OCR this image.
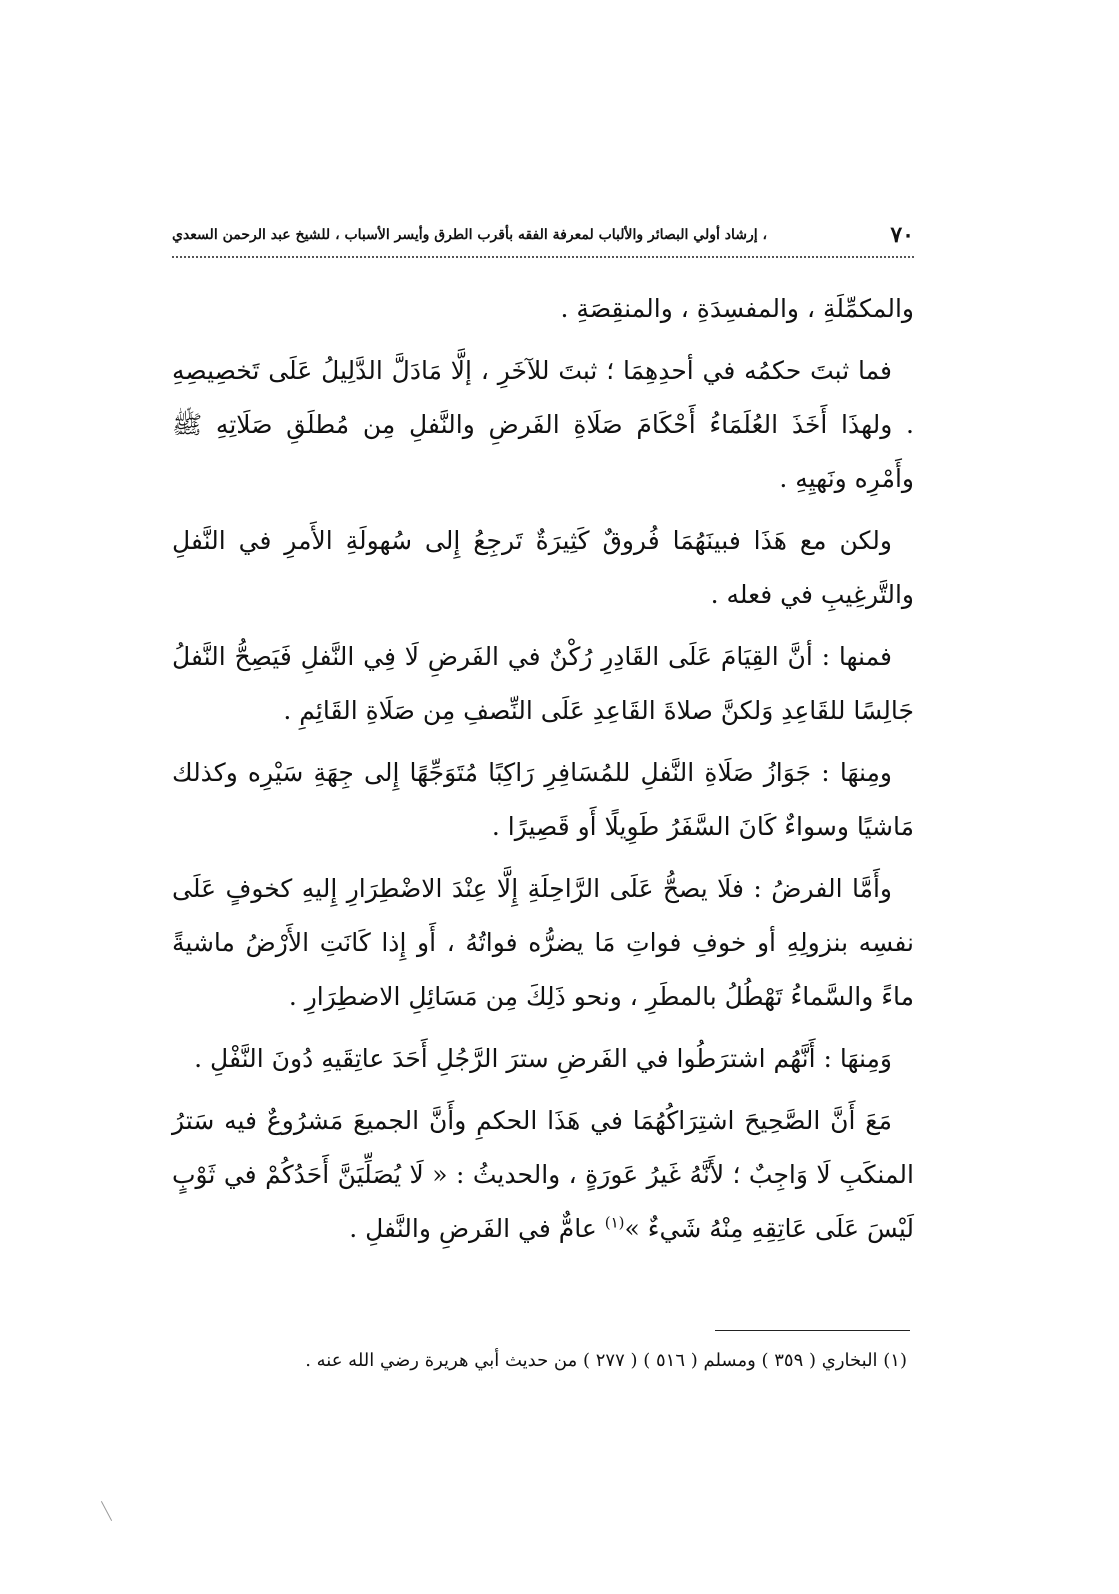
٧٠
، إرشاد أولي البصائر والألباب لمعرفة الفقه بأقرب الطرق وأيسر الأسباب ، للشيخ عبد الرحمن السعدي

والمكمِّلَةِ ، والمفسِدَةِ ، والمنقِصَةِ .

فما ثبتَ حكمُه في أحدِهِمَا ؛ ثبتَ للآخَرِ ، إلَّا مَادَلَّ الدَّلِيلُ عَلَى تَخصِيصِهِ . ولهذَا أَخَذَ العُلَمَاءُ أَحْكَامَ صَلَاةِ الفَرضِ والنَّفلِ مِن مُطلَقِ صَلَاتِهِ ﷺ وأَمْرِه ونَهيِهِ .

ولكن مع هَذَا فبينَهُمَا فُروقٌ كَثِيرَةٌ تَرجِعُ إِلى سُهولَةِ الأَمرِ في النَّفلِ والتَّرغِيبِ في فعله .

فمنها : أنَّ القِيَامَ عَلَى القَادِرِ رُكْنٌ في الفَرضِ لَا فِي النَّفلِ فَيَصِحُّ النَّفلُ جَالِسًا للقَاعِدِ وَلكنَّ صلاةَ القَاعِدِ عَلَى النِّصفِ مِن صَلَاةِ القَائِمِ .

ومِنهَا : جَوَازُ صَلَاةِ النَّفلِ للمُسَافِرِ رَاكِبًا مُتَوَجِّهًا إِلى جِهَةِ سَيْرِه وكذلك مَاشيًا وسواءٌ كَانَ السَّفَرُ طَوِيلًا أَو قَصِيرًا .

وأَمَّا الفرضُ : فلَا يصحُّ عَلَى الرَّاحِلَةِ إِلَّا عِنْدَ الاضْطِرَارِ إِليهِ كخوفٍ عَلَى نفسِه بنزولِهِ أو خوفِ فواتِ مَا يضرُّه فواتُهُ ، أَو إِذا كَانَتِ الأَرْضُ ماشيةً ماءً والسَّماءُ تَهْطُلُ بالمطَرِ ، ونحو ذَلِكَ مِن مَسَائِلِ الاضطِرَارِ .

وَمِنهَا : أَنَّهُم اشترَطُوا في الفَرضِ سترَ الرَّجُلِ أَحَدَ عاتِقَيهِ دُونَ النَّفْلِ .

مَعَ أَنَّ الصَّحِيحَ اشتِرَاكُهُمَا في هَذَا الحكمِ وأَنَّ الجميعَ مَشرُوعٌ فيه سَترُ المنكَبِ لَا وَاجِبٌ ؛ لأَنَّهُ غَيرُ عَورَةٍ ، والحديثُ : « لَا يُصَلِّيَنَّ أَحَدُكُمْ في ثَوْبٍ لَيْسَ عَلَى عَاتِقِهِ مِنْهُ شَيءٌ »$^{(١)}$ عامٌّ في الفَرضِ والنَّفلِ .

(١) البخاري ( ٣٥٩ ) ومسلم ( ٥١٦ ) ( ٢٧٧ ) من حديث أبي هريرة رضي الله عنه .
